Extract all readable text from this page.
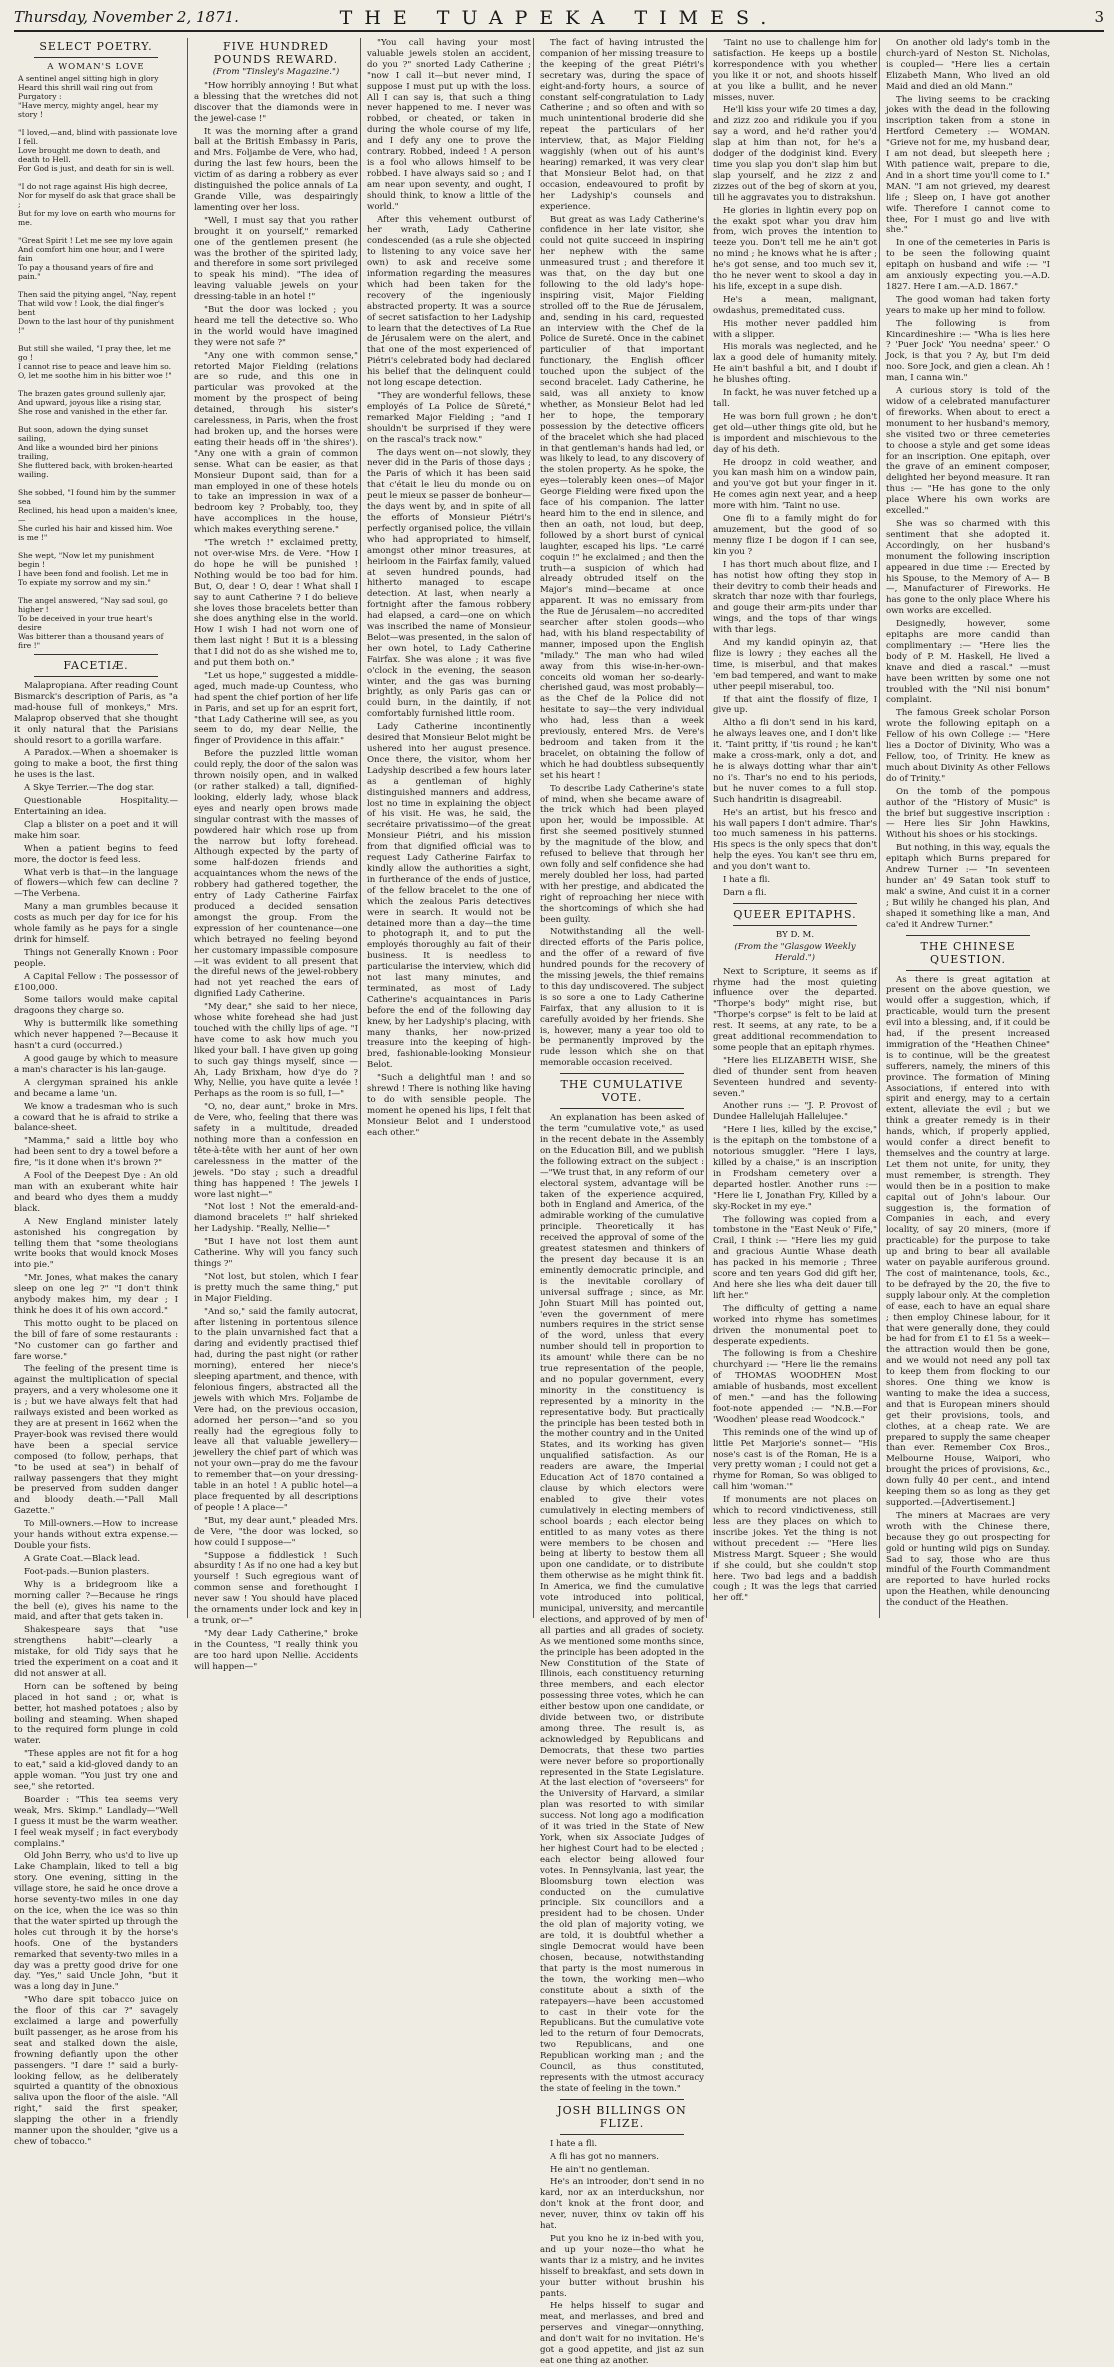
Thursday, November 2, 1871.	THE TUAPEKA TIMES.	3
SELECT POETRY.
A WOMAN'S LOVE
A sentinel angel sitting high in glory
Heard this shrill wail ring out from Purgatory :
"Have mercy, mighty angel, hear my story !

"I loved,—and, blind with passionate love I fell.
Love brought me down to death, and death to Hell.
For God is just, and death for sin is well.

"I do not rage against His high decree,
Nor for myself do ask that grace shall be ;
But for my love on earth who mourns for me.

"Great Spirit ! Let me see my love again
And comfort him one hour, and I were fain
To pay a thousand years of fire and pain."

Then said the pitying angel, "Nay, repent
That wild vow ! Look, the dial finger's bent
Down to the last hour of thy punishment !"

But still she wailed, "I pray thee, let me go !
I cannot rise to peace and leave him so.
O, let me soothe him in his bitter woe !"

The brazen gates ground sullenly ajar,
And upward, joyous like a rising star,
She rose and vanished in the ether far.

But soon, adown the dying sunset sailing,
And like a wounded bird her pinions trailing,
She fluttered back, with broken-hearted wailing.

She sobbed, "I found him by the summer sea
Reclined, his head upon a maiden's knee,—
She curled his hair and kissed him. Woe is me !"

She wept, "Now let my punishment begin !
I have been fond and foolish. Let me in
To expiate my sorrow and my sin."

The angel answered, "Nay sad soul, go higher !
To be deceived in your true heart's desire
Was bitterer than a thousand years of fire !"
FACETIÆ.

Malapropiana. After reading Count Bismarck's description of Paris, as "a mad-house full of monkeys," Mrs. Malaprop observed that she thought it only natural that the Parisians should resort to a gorilla warfare.

A Paradox.—When a shoemaker is going to make a boot, the first thing he uses is the last.

A Skye Terrier.—The dog star.

Questionable Hospitality.—Entertaining an idea.

Clap a blister on a poet and it will make him soar.

When a patient begins to feed more, the doctor is feed less.

What verb is that—in the language of flowers—which few can decline ?—The Verbena.

Many a man grumbles because it costs as much per day for ice for his whole family as he pays for a single drink for himself.

Things not Generally Known : Poor people.

A Capital Fellow : The possessor of £100,000.

Some tailors would make capital dragoons they charge so.

Why is buttermilk like something which never happened ?—Because it hasn't a curd (occurred.)

A good gauge by which to measure a man's character is his lan-gauge.

A clergyman sprained his ankle and became a lame 'un.

We know a tradesman who is such a coward that he is afraid to strike a balance-sheet.

"Mamma," said a little boy who had been sent to dry a towel before a fire, "is it done when it's brown ?"

A Fool of the Deepest Dye : An old man with an exuberant white hair and beard who dyes them a muddy black.

A New England minister lately astonished his congregation by telling them that "some theologians write books that would knock Moses into pie."

"Mr. Jones, what makes the canary sleep on one leg ?" "I don't think anybody makes him, my dear ; I think he does it of his own accord."

This motto ought to be placed on the bill of fare of some restaurants : "No customer can go farther and fare worse."

The feeling of the present time is against the multiplication of special prayers, and a very wholesome one it is ; but we have always felt that had railways existed and been worked as they are at present in 1662 when the Prayer-book was revised there would have been a special service composed (to follow, perhaps, that "to be used at sea") in behalf of railway passengers that they might be preserved from sudden danger and bloody death.—"Pall Mall Gazette."

To Mill-owners.—How to increase your hands without extra expense.—Double your fists.

A Grate Coat.—Black lead.

Foot-pads.—Bunion plasters.

Why is a bridegroom like a morning caller ?—Because he rings the bell (e), gives his name to the maid, and after that gets taken in.

Shakespeare says that "use strengthens habit"—clearly a mistake, for old Tidy says that he tried the experiment on a coat and it did not answer at all.

Horn can be softened by being placed in hot sand ; or, what is better, hot mashed potatoes ; also by boiling and steaming. When shaped to the required form plunge in cold water.

"These apples are not fit for a hog to eat," said a kid-gloved dandy to an apple woman. "You just try one and see," she retorted.

Boarder : "This tea seems very weak, Mrs. Skimp." Landlady—"Well I guess it must be the warm weather. I feel weak myself ; in fact everybody complains."

Old John Berry, who us'd to live up Lake Champlain, liked to tell a big story. One evening, sitting in the village store, he said he once drove a horse seventy-two miles in one day on the ice, when the ice was so thin that the water spirted up through the holes cut through it by the horse's hoofs. One of the bystanders remarked that seventy-two miles in a day was a pretty good drive for one day. "Yes," said Uncle John, "but it was a long day in June."

"Who dare spit tobacco juice on the floor of this car ?" savagely exclaimed a large and powerfully built passenger, as he arose from his seat and stalked down the aisle, frowning defiantly upon the other passengers. "I dare !" said a burly-looking fellow, as he deliberately squirted a quantity of the obnoxious saliva upon the floor of the aisle. "All right," said the first speaker, slapping the other in a friendly manner upon the shoulder, "give us a chew of tobacco."

FIVE HUNDRED POUNDS REWARD.
(From "Tinsley's Magazine.")

"How horribly annoying ! But what a blessing that the wretches did not discover that the diamonds were in the jewel-case !"

It was the morning after a grand ball at the British Embassy in Paris, and Mrs. Foljambe de Vere, who had, during the last few hours, been the victim of as daring a robbery as ever distinguished the police annals of La Grande Ville, was despairingly lamenting over her loss.

"Well, I must say that you rather brought it on yourself," remarked one of the gentlemen present (he was the brother of the spirited lady, and therefore in some sort privileged to speak his mind). "The idea of leaving valuable jewels on your dressing-table in an hotel !"

"But the door was locked ; you heard me tell the detective so. Who in the world would have imagined they were not safe ?"

"Any one with common sense," retorted Major Fielding (relations are so rude, and this one in particular was provoked at the moment by the prospect of being detained, through his sister's carelessness, in Paris, when the frost had broken up, and the horses were eating their heads off in 'the shires'). "Any one with a grain of common sense. What can be easier, as that Monsieur Dupont said, than for a man employed in one of these hotels to take an impression in wax of a bedroom key ? Probably, too, they have accomplices in the house, which makes everything serene."

"The wretch !" exclaimed pretty, not over-wise Mrs. de Vere. "How I do hope he will be punished ! Nothing would be too bad for him. But, O, dear ! O, dear ! What shall I say to aunt Catherine ? I do believe she loves those bracelets better than she does anything else in the world. How I wish I had not worn one of them last night ! But it is a blessing that I did not do as she wished me to, and put them both on."

"Let us hope," suggested a middle-aged, much made-up Countess, who had spent the chief portion of her life in Paris, and set up for an esprit fort, "that Lady Catherine will see, as you seem to do, my dear Nellie, the finger of Providence in this affair."

Before the puzzled little woman could reply, the door of the salon was thrown noisily open, and in walked (or rather stalked) a tall, dignified-looking, elderly lady, whose black eyes and nearly open brows made singular contrast with the masses of powdered hair which rose up from the narrow but lofty forehead. Although expected by the party of some half-dozen friends and acquaintances whom the news of the robbery had gathered together, the entry of Lady Catherine Fairfax produced a decided sensation amongst the group. From the expression of her countenance—one which betrayed no feeling beyond her customary impassible composure—it was evident to all present that the direful news of the jewel-robbery had not yet reached the ears of dignified Lady Catherine.

"My dear," she said to her niece, whose white forehead she had just touched with the chilly lips of age. "I have come to ask how much you liked your ball. I have given up going to such gay things myself, since —Ah, Lady Brixham, how d'ye do ? Why, Nellie, you have quite a levée ! Perhaps as the room is so full, I—"

"O, no, dear aunt," broke in Mrs. de Vere, who, feeling that there was safety in a multitude, dreaded nothing more than a confession en tête-à-tête with her aunt of her own carelessness in the matter of the jewels. "Do stay ; such a dreadful thing has happened ! The jewels I wore last night—"

"Not lost ! Not the emerald-and-diamond bracelets !" half shrieked her Ladyship. "Really, Nellie—"

"But I have not lost them aunt Catherine. Why will you fancy such things ?"

"Not lost, but stolen, which I fear is pretty much the same thing," put in Major Fielding.

"And so," said the family autocrat, after listening in portentous silence to the plain unvarnished fact that a daring and evidently practised thief had, during the past night (or rather morning), entered her niece's sleeping apartment, and thence, with felonious fingers, abstracted all the jewels with which Mrs. Foljambe de Vere had, on the previous occasion, adorned her person—"and so you really had the egregious folly to leave all that valuable jewellery—jewellery the chief part of which was not your own—pray do me the favour to remember that—on your dressing-table in an hotel ! A public hotel—a place frequented by all descriptions of people ! A place—"

"But, my dear aunt," pleaded Mrs. de Vere, "the door was locked, so how could I suppose—"

"Suppose a fiddlestick ! Such absurdity ! As if no one had a key but yourself ! Such egregious want of common sense and forethought I never saw ! You should have placed the ornaments under lock and key in a trunk, or—"

"My dear Lady Catherine," broke in the Countess, "I really think you are too hard upon Nellie. Accidents will happen—"

"You call having your most valuable jewels stolen an accident, do you ?" snorted Lady Catherine ; "now I call it—but never mind, I suppose I must put up with the loss. All I can say is, that such a thing never happened to me. I never was robbed, or cheated, or taken in during the whole course of my life, and I defy any one to prove the contrary. Robbed, indeed ! A person is a fool who allows himself to be robbed. I have always said so ; and I am near upon seventy, and ought, I should think, to know a little of the world."

After this vehement outburst of her wrath, Lady Catherine condescended (as a rule she objected to listening to any voice save her own) to ask and receive some information regarding the measures which had been taken for the recovery of the ingeniously abstracted property. It was a source of secret satisfaction to her Ladyship to learn that the detectives of La Rue de Jérusalem were on the alert, and that one of the most experienced of Piétri's celebrated body had declared his belief that the delinquent could not long escape detection.

"They are wonderful fellows, these employés of La Police de Sûreté," remarked Major Fielding ; "and I shouldn't be surprised if they were on the rascal's track now."

The days went on—not slowly, they never did in the Paris of those days ; the Paris of which it has been said that c'était le lieu du monde ou on peut le mieux se passer de bonheur—the days went by, and in spite of all the efforts of Monsieur Piétri's perfectly organised police, the villain who had appropriated to himself, amongst other minor treasures, at heirloom in the Fairfax family, valued at seven hundred pounds, had hitherto managed to escape detection. At last, when nearly a fortnight after the famous robbery had elapsed, a card—one on which was inscribed the name of Monsieur Belot—was presented, in the salon of her own hotel, to Lady Catherine Fairfax. She was alone ; it was five o'clock in the evening, the season winter, and the gas was burning brightly, as only Paris gas can or could burn, in the daintily, if not comfortably furnished little room.

Lady Catherine incontinently desired that Monsieur Belot might be ushered into her august presence. Once there, the visitor, whom her Ladyship described a few hours later as a gentleman of highly distinguished manners and address, lost no time in explaining the object of his visit. He was, he said, the secrétaire privatissimo—of the great Monsieur Piétri, and his mission from that dignified official was to request Lady Catherine Fairfax to kindly allow the authorities a sight, in furtherance of the ends of justice, of the fellow bracelet to the one of which the zealous Paris detectives were in search. It would not be detained more than a day—the time to photograph it, and to put the employés thoroughly au fait of their business. It is needless to particularise the interview, which did not last many minutes, and terminated, as most of Lady Catherine's acquaintances in Paris before the end of the following day knew, by her Ladyship's placing, with many thanks, her now-prized treasure into the keeping of high-bred, fashionable-looking Monsieur Belot.

"Such a delightful man ! and so shrewd ! There is nothing like having to do with sensible people. The moment he opened his lips, I felt that Monsieur Belot and I understood each other."

The fact of having intrusted the companion of her missing treasure to the keeping of the great Piétri's secretary was, during the space of eight-and-forty hours, a source of constant self-congratulation to Lady Catherine ; and so often and with so much unintentional broderie did she repeat the particulars of her interview, that, as Major Fielding waggishly (when out of his aunt's hearing) remarked, it was very clear that Monsieur Belot had, on that occasion, endeavoured to profit by her Ladyship's counsels and experience.

But great as was Lady Catherine's confidence in her late visitor, she could not quite succeed in inspiring her nephew with the same unmeasured trust ; and therefore it was that, on the day but one following to the old lady's hope-inspiring visit, Major Fielding strolled off to the Rue de Jérusalem, and, sending in his card, requested an interview with the Chef de la Police de Sureté. Once in the cabinet particulier of that important functionary, the English officer touched upon the subject of the second bracelet. Lady Catherine, he said, was all anxiety to know whether, as Monsieur Belot had led her to hope, the temporary possession by the detective officers of the bracelet which she had placed in that gentleman's hands had led, or was likely to lead, to any discovery of the stolen property. As he spoke, the eyes—tolerably keen ones—of Major George Fielding were fixed upon the face of his companion. The latter heard him to the end in silence, and then an oath, not loud, but deep, followed by a short burst of cynical laughter, escaped his lips. "Le carré coquin !" he exclaimed ; and then the truth—a suspicion of which had already obtruded itself on the Major's mind—became at once apparent. It was no emissary from the Rue de Jérusalem—no accredited searcher after stolen goods—who had, with his bland respectability of manner, imposed upon the English "milady." The man who had wiled away from this wise-in-her-own-conceits old woman her so-dearly-cherished gaud, was most probably—as the Chef de la Police did not hesitate to say—the very individual who had, less than a week previously, entered Mrs. de Vere's bedroom and taken from it the bracelet, on obtaining the follow of which he had doubtless subsequently set his heart !

To describe Lady Catherine's state of mind, when she became aware of the trick which had been played upon her, would be impossible. At first she seemed positively stunned by the magnitude of the blow, and refused to believe that through her own folly and self confidence she had merely doubled her loss, had parted with her prestige, and abdicated the right of reproaching her niece with the shortcomings of which she had been guilty.

Notwithstanding all the well-directed efforts of the Paris police, and the offer of a reward of five hundred pounds for the recovery of the missing jewels, the thief remains to this day undiscovered. The subject is so sore a one to Lady Catherine Fairfax, that any allusion to it is carefully avoided by her friends. She is, however, many a year too old to be permanently improved by the rude lesson which she on that memorable occasion received.

THE CUMULATIVE VOTE.

An explanation has been asked of the term "cumulative vote," as used in the recent debate in the Assembly on the Education Bill, and we publish the following extract on the subject :—"We trust that, in any reform of our electoral system, advantage will be taken of the experience acquired, both in England and America, of the admirable working of the cumulative principle. Theoretically it has received the approval of some of the greatest statesmen and thinkers of the present day because it is an eminently democratic principle, and is the inevitable corollary of universal suffrage ; since, as Mr. John Stuart Mill has pointed out, 'even the government of mere numbers requires in the strict sense of the word, unless that every number should tell in proportion to its amount' while there can be no true representation of the people, and no popular government, every minority in the constituency is represented by a minority in the representative body. But practically the principle has been tested both in the mother country and in the United States, and its working has given unqualified satisfaction. As our readers are aware, the Imperial Education Act of 1870 contained a clause by which electors were enabled to give their votes cumulatively in electing members of school boards ; each elector being entitled to as many votes as there were members to be chosen and being at liberty to bestow them all upon one candidate, or to distribute them otherwise as he might think fit. In America, we find the cumulative vote introduced into political, municipal, university, and mercantile elections, and approved of by men of all parties and all grades of society. As we mentioned some months since, the principle has been adopted in the New Constitution of the State of Illinois, each constituency returning three members, and each elector possessing three votes, which he can either bestow upon one candidate, or divide between two, or distribute among three. The result is, as acknowledged by Republicans and Democrats, that these two parties were never before so proportionally represented in the State Legislature. At the last election of "overseers" for the University of Harvard, a similar plan was resorted to with similar success. Not long ago a modification of it was tried in the State of New York, when six Associate Judges of her highest Court had to be elected ; each elector being allowed four votes. In Pennsylvania, last year, the Bloomsburg town election was conducted on the cumulative principle. Six councillors and a president had to be chosen. Under the old plan of majority voting, we are told, it is doubtful whether a single Democrat would have been chosen, because, notwithstanding that party is the most numerous in the town, the working men—who constitute about a sixth of the ratepayers—have been accustomed to cast in their vote for the Republicans. But the cumulative vote led to the return of four Democrats, two Republicans, and one Republican working man ; and the Council, as thus constituted, represents with the utmost accuracy the state of feeling in the town."

JOSH BILLINGS ON FLIZE.

I hate a fli.

A fli has got no manners.

He ain't no gentleman.

He's an introoder, don't send in no kard, nor ax an interduckshun, nor don't knok at the front door, and never, nuver, thinx ov takin off his hat.

Put you kno he iz in-bed with you, and up your noze—tho what he wants thar iz a mistry, and he invites hisself to breakfast, and sets down in your butter without brushin his pants.

He helps hisself to sugar and meat, and merlasses, and bred and perserves and vinegar—onnything, and don't wait for no invitation. He's got a good appetite, and jist az sun eat one thing az another.

'Taint no use to challenge him for satisfaction. He keeps up a bostile korrespondence with you whether you like it or not, and shoots hisself at you like a bullit, and he never misses, nuver.

He'll kiss your wife 20 times a day, and zizz zoo and ridikule you if you say a word, and he'd rather you'd slap at him than not, for he's a dodger of the dodginist kind. Every time you slap you don't slap him but slap yourself, and he zizz z and zizzes out of the beg of skorn at you, till he aggravates you to distrakshun.

He glories in lightin every pop on the exakt spot whar you drav him from, wich proves the intention to teeze you. Don't tell me he ain't got no mind ; he knows what he is after ; he's got sense, and too much sev it, tho he never went to skool a day in his life, except in a supe dish.

He's a mean, malignant, owdashus, premeditated cuss.

His mother never paddled him with a slipper.

His morals was neglected, and he lax a good dele of humanity mitely. He ain't bashful a bit, and I doubt if he blushes ofting.

In fackt, he was nuver fetched up a tall.

He was born full grown ; he don't get old—uther things gite old, but he is impordent and mischievous to the day of his deth.

He droopz in cold weather, and you kan mash him on a window pain, and you've got but your finger in it. He comes agin next year, and a heep more with him. 'Taint no use.

One fli to a family might do for amuzement, but the good of so menny flize I be dogon if I can see, kin you ?

I has thort much about flize, and I has notist how ofting they stop in their devitry to comb their heads and skratch thar noze with thar fourlegs, and gouge their arm-pits under thar wings, and the tops of thar wings with thar legs.

And my kandid opinyin az, that flize is lowry ; they eaches all the time, is miserbul, and that makes 'em bad tempered, and want to make uther peepil miserabul, too.

If that aint the flossify of flize, I give up.

Altho a fli don't send in his kard, he always leaves one, and I don't like it. 'Taint pritty, if 'tis round ; he kan't make a cross-mark, only a dot, and he is always dotting whar thar ain't no i's. Thar's no end to his periods, but he nuver comes to a full stop. Such handritin is disagreabil.

He's an artist, but his fresco and his wall papers I don't admire. Thar's too much sameness in his patterns. His specs is the only specs that don't help the eyes. You kan't see thru em, and you don't want to.

I hate a fli.

Darn a fli.

QUEER EPITAPHS.
BY D. M.
(From the "Glasgow Weekly Herald.")

Next to Scripture, it seems as if rhyme had the most quieting influence over the departed. "Thorpe's body" might rise, but "Thorpe's corpse" is felt to be laid at rest. It seems, at any rate, to be a great additional recommendation to some people that an epitaph rhymes.

"Here lies ELIZABETH WISE, She died of thunder sent from heaven Seventeen hundred and seventy-seven."

Another runs :— "J. P. Provost of Dundee Hallelujah Hallelujee."

"Here I lies, killed by the excise," is the epitaph on the tombstone of a notorious smuggler. "Here I lays, killed by a chaise," is an inscription in Frodsham cemetery over a departed hostler. Another runs :— "Here lie I, Jonathan Fry, Killed by a sky-Rocket in my eye."

The following was copied from a tombstone in the "East Neuk o' Fife," Crail, I think :— "Here lies my guid and gracious Auntie Whase death has packed in his memorie ; Three score and ten years God did gift her, And here she lies wha deit dauer till lift her."

The difficulty of getting a name worked into rhyme has sometimes driven the monumental poet to desperate expedients.

The following is from a Cheshire churchyard :— "Here lie the remains of THOMAS WOODHEN Most amiable of husbands, most excellent of men." —and has the following foot-note appended :— "N.B.—For 'Woodhen' please read Woodcock."

This reminds one of the wind up of little Pet Marjorie's sonnet— "His nose's cast is of the Roman, He is a very pretty woman ; I could not get a rhyme for Roman, So was obliged to call him 'woman.'"

If monuments are not places on which to record vindictiveness, still less are they places on which to inscribe jokes. Yet the thing is not without precedent :— "Here lies Mistress Margt. Squeer ; She would if she could, but she couldn't stop here. Two bad legs and a baddish cough ; It was the legs that carried her off."

On another old lady's tomb in the church-yard of Neston St. Nicholas, is coupled— "Here lies a certain Elizabeth Mann, Who lived an old Maid and died an old Mann."

The living seems to be cracking jokes with the dead in the following inscription taken from a stone in Hertford Cemetery :— WOMAN. "Grieve not for me, my husband dear, I am not dead, but sleepeth here ; With patience wait, prepare to die, And in a short time you'll come to I." MAN. "I am not grieved, my dearest life ; Sleep on, I have got another wife. Therefore I cannot come to thee, For I must go and live with she."

In one of the cemeteries in Paris is to be seen the following quaint epitaph on husband and wife :— "I am anxiously expecting you.—A.D. 1827. Here I am.—A.D. 1867."

The good woman had taken forty years to make up her mind to follow.

The following is from Kincardineshire :— "Wha is lies here ? 'Puer Jock' 'You needna' speer.' O Jock, is that you ? Ay, but I'm deid noo. Sore Jock, and gien a clean. Ah ! man, I canna win."

A curious story is told of the widow of a celebrated manufacturer of fireworks. When about to erect a monument to her husband's memory, she visited two or three cemeteries to choose a style and get some ideas for an inscription. One epitaph, over the grave of an eminent composer, delighted her beyond measure. It ran thus :— "He has gone to the only place Where his own works are excelled."

She was so charmed with this sentiment that she adopted it. Accordingly, on her husband's monument the following inscription appeared in due time :— Erected by his Spouse, to the Memory of A— B—, Manufacturer of Fireworks. He has gone to the only place Where his own works are excelled.

Designedly, however, some epitaphs are more candid than complimentary :— "Here lies the body of P. M. Haskell, He lived a knave and died a rascal." —must have been written by some one not troubled with the "Nil nisi bonum" complaint.

The famous Greek scholar Porson wrote the following epitaph on a Fellow of his own College :— "Here lies a Doctor of Divinity, Who was a Fellow, too, of Trinity. He knew as much about Divinity As other Fellows do of Trinity."

On the tomb of the pompous author of the "History of Music" is the brief but suggestive inscription :— Here lies Sir John Hawkins, Without his shoes or his stockings.

But nothing, in this way, equals the epitaph which Burns prepared for Andrew Turner :— "In seventeen hunder an' 49 Satan took stuff to mak' a swine, And cuist it in a corner ; But wilily he changed his plan, And shaped it something like a man, And ca'ed it Andrew Turner."

THE CHINESE QUESTION.

As there is great agitation at present on the above question, we would offer a suggestion, which, if practicable, would turn the present evil into a blessing, and, if it could be had, if the present increased immigration of the "Heathen Chinee" is to continue, will be the greatest sufferers, namely, the miners of this province. The formation of Mining Associations, if entered into with spirit and energy, may to a certain extent, alleviate the evil ; but we think a greater remedy is in their hands, which, if properly applied, would confer a direct benefit to themselves and the country at large. Let them not unite, for unity, they must remember, is strength. They would then be in a position to make capital out of John's labour. Our suggestion is, the formation of Companies in each, and every locality, of say 20 miners, (more if practicable) for the purpose to take up and bring to bear all available water on payable auriferous ground. The cost of maintenance, tools, &c., to be defrayed by the 20, the five to supply labour only. At the completion of ease, each to have an equal share ; then employ Chinese labour, for it that were generally done, they could be had for from £1 to £1 5s a week—the attraction would then be gone, and we would not need any poll tax to keep them from flocking to our shores. One thing we know is wanting to make the idea a success, and that is European miners should get their provisions, tools, and clothes, at a cheap rate. We are prepared to supply the same cheaper than ever. Remember Cox Bros., Melbourne House, Waipori, who brought the prices of provisions, &c., down fully 40 per cent., and intend keeping them so as long as they get supported.—[Advertisement.]

The miners at Macraes are very wroth with the Chinese there, because they go out prospecting for gold or hunting wild pigs on Sunday. Sad to say, those who are thus mindful of the Fourth Commandment are reported to have hurled rocks upon the Heathen, while denouncing the conduct of the Heathen.
